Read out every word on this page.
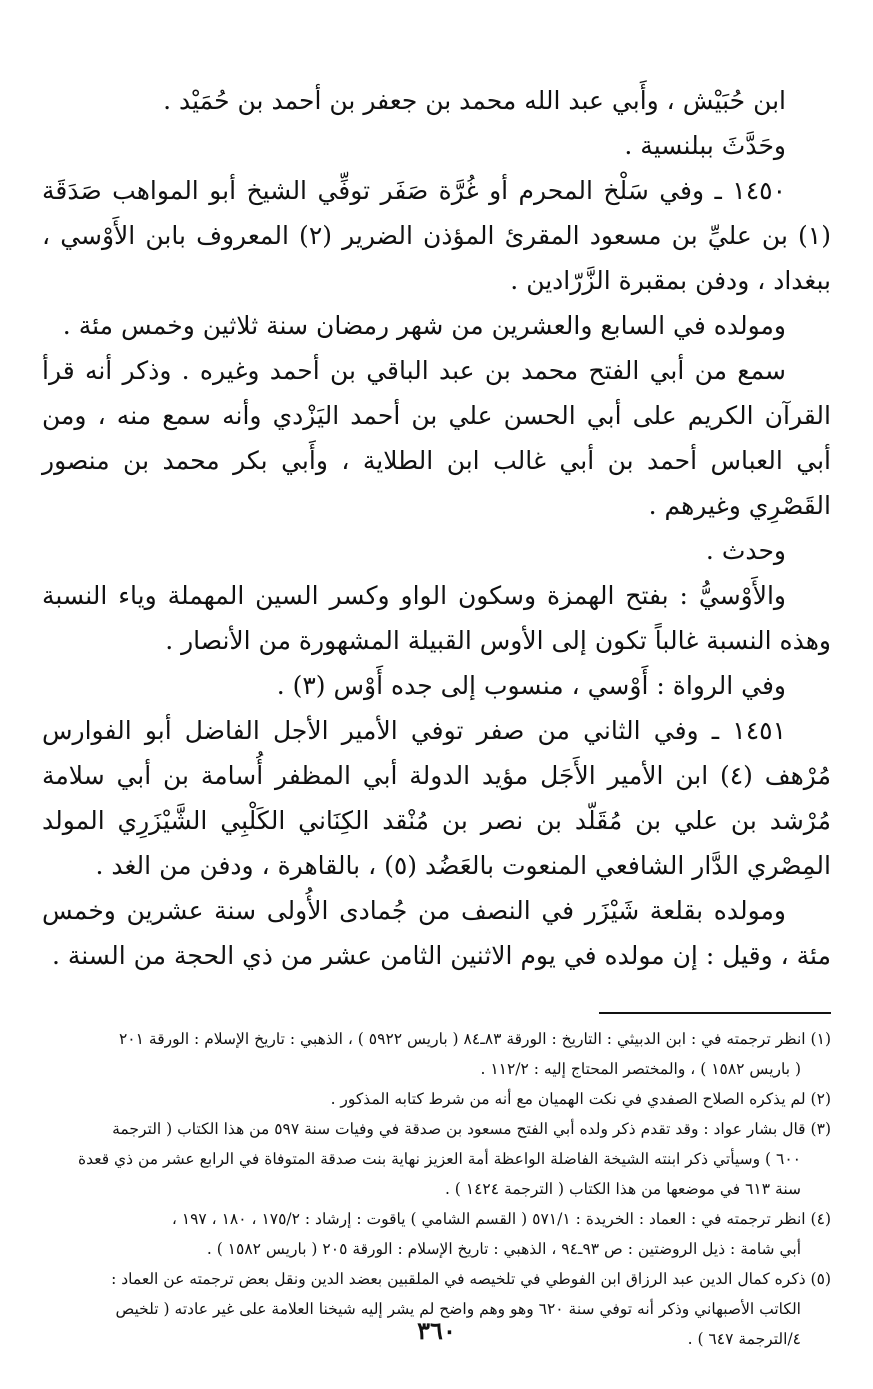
ابن حُبَيْش ، وأَبي عبد الله محمد بن جعفر بن أحمد بن حُمَيْد .

وحَدَّثَ ببلنسية .

١٤٥٠ ـ وفي سَلْخ المحرم أو غُرَّة صَفَر توفِّي الشيخ أبو المواهب صَدَقَة (١) بن عليِّ بن مسعود المقرئ المؤذن الضرير (٢) المعروف بابن الأَوْسي ، ببغداد ، ودفن بمقبرة الزَّرّادين .

ومولده في السابع والعشرين من شهر رمضان سنة ثلاثين وخمس مئة .

سمع من أبي الفتح محمد بن عبد الباقي بن أحمد وغيره . وذكر أنه قرأ القرآن الكريم على أبي الحسن علي بن أحمد اليَزْدي وأنه سمع منه ، ومن أبي العباس أحمد بن أبي غالب ابن الطلاية ، وأَبي بكر محمد بن منصور القَصْرِي وغيرهم .

وحدث .

والأَوْسيُّ : بفتح الهمزة وسكون الواو وكسر السين المهملة وياء النسبة وهذه النسبة غالباً تكون إلى الأوس القبيلة المشهورة من الأنصار .

وفي الرواة : أَوْسي ، منسوب إلى جده أَوْس (٣) .

١٤٥١ ـ وفي الثاني من صفر توفي الأمير الأجل الفاضل أبو الفوارس مُرْهف (٤) ابن الأمير الأَجَل مؤيد الدولة أبي المظفر أُسامة بن أبي سلامة مُرْشد بن علي بن مُقَلّد بن نصر بن مُنْقد الكِنَاني الكَلْبِي الشَّيْزَرِي المولد المِصْري الدَّار الشافعي المنعوت بالعَضُد (٥) ، بالقاهرة ، ودفن من الغد .

ومولده بقلعة شَيْزَر في النصف من جُمادى الأُولى سنة عشرين وخمس مئة ، وقيل : إن مولده في يوم الاثنين الثامن عشر من ذي الحجة من السنة .

(١) انظر ترجمته في : ابن الدبيثي : التاريخ : الورقة ٨٣ـ٨٤ ( باريس ٥٩٢٢ ) ، الذهبي : تاريخ الإسلام : الورقة ٢٠١
( باريس ١٥٨٢ ) ، والمختصر المحتاج إليه : ١١٢/٢ .

(٢) لم يذكره الصلاح الصفدي في نكت الهميان مع أنه من شرط كتابه المذكور .

(٣) قال بشار عواد : وقد تقدم ذكر ولده أبي الفتح مسعود بن صدقة في وفيات سنة ٥٩٧ من هذا الكتاب ( الترجمة
٦٠٠ ) وسيأتي ذكر ابنته الشيخة الفاضلة الواعظة أمة العزيز نهاية بنت صدقة المتوفاة في الرابع عشر من ذي قعدة
سنة ٦١٣ في موضعها من هذا الكتاب ( الترجمة ١٤٢٤ ) .

(٤) انظر ترجمته في : العماد : الخريدة : ٥٧١/١ ( القسم الشامي ) ياقوت : إرشاد : ١٧٥/٢ ، ١٨٠ ، ١٩٧ ،
أبي شامة : ذيل الروضتين : ص ٩٣ـ٩٤ ، الذهبي : تاريخ الإسلام : الورقة ٢٠٥ ( باريس ١٥٨٢ ) .

(٥) ذكره كمال الدين عبد الرزاق ابن الفوطي في تلخيصه في الملقبين بعضد الدين ونقل بعض ترجمته عن العماد :
الكاتب الأصبهاني وذكر أنه توفي سنة ٦٢٠ وهو وهم واضح لم يشر إليه شيخنا العلامة على غير عادته ( تلخيص
٤/الترجمة ٦٤٧ ) .

٣٦٠
